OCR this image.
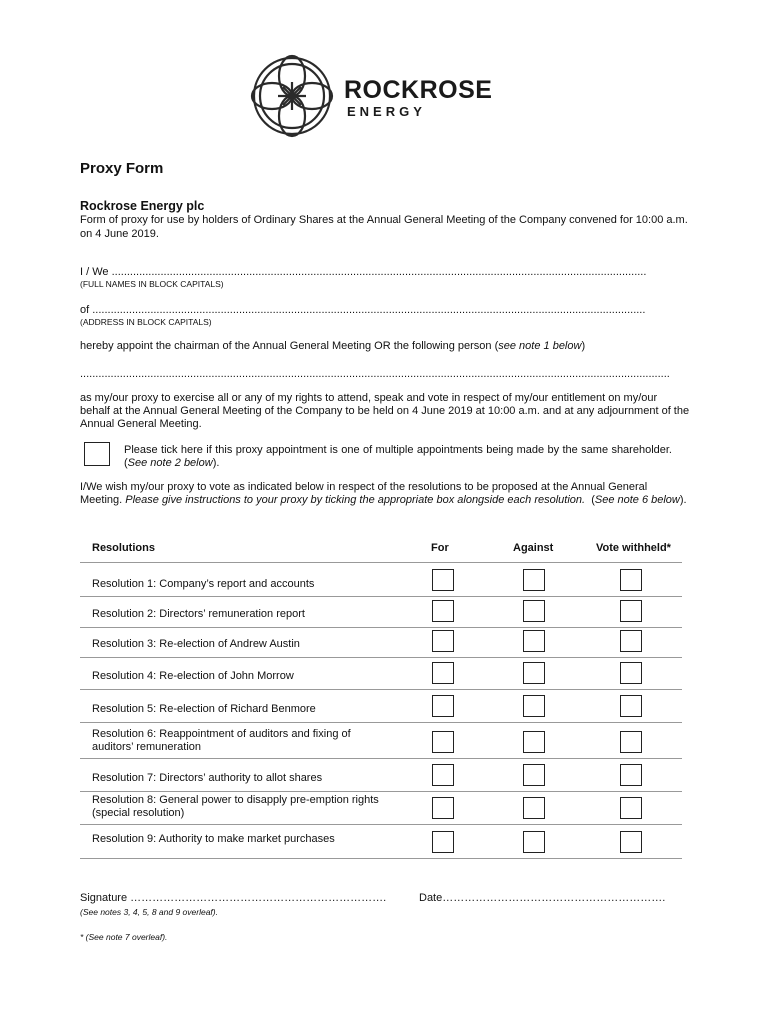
ROCKROSE
ENERGY
Proxy Form
Rockrose Energy plc
Form of proxy for use by holders of Ordinary Shares at the Annual General Meeting of the Company convened for 10:00 a.m. on 4 June 2019.
I / We ...............................................................................................................................................................................
(FULL NAMES IN BLOCK CAPITALS)
of .....................................................................................................................................................................................
(ADDRESS IN BLOCK CAPITALS)
hereby appoint the chairman of the Annual General Meeting OR the following person (see note 1 below)
.................................................................................................................................................................................................
as my/our proxy to exercise all or any of my rights to attend, speak and vote in respect of my/our entitlement on my/our behalf at the Annual General Meeting of the Company to be held on 4 June 2019 at 10:00 a.m. and at any adjournment of the Annual General Meeting.
Please tick here if this proxy appointment is one of multiple appointments being made by the same shareholder. (See note 2 below).
I/We wish my/our proxy to vote as indicated below in respect of the resolutions to be proposed at the Annual General Meeting. Please give instructions to your proxy by ticking the appropriate box alongside each resolution.  (See note 6 below).
Resolutions	For	Against	Vote withheld*
Resolution 1: Company’s report and accounts
Resolution 2: Directors’ remuneration report
Resolution 3: Re-election of Andrew Austin
Resolution 4: Re-election of John Morrow
Resolution 5: Re-election of Richard Benmore
Resolution 6: Reappointment of auditors and fixing of auditors’ remuneration
Resolution 7: Directors’ authority to allot shares
Resolution 8: General power to disapply pre-emption rights (special resolution)
Resolution 9: Authority to make market purchases
Signature …………………………………………………………….	Date…………………………………………………….
(See notes 3, 4, 5, 8 and 9 overleaf).
* (See note 7 overleaf).
